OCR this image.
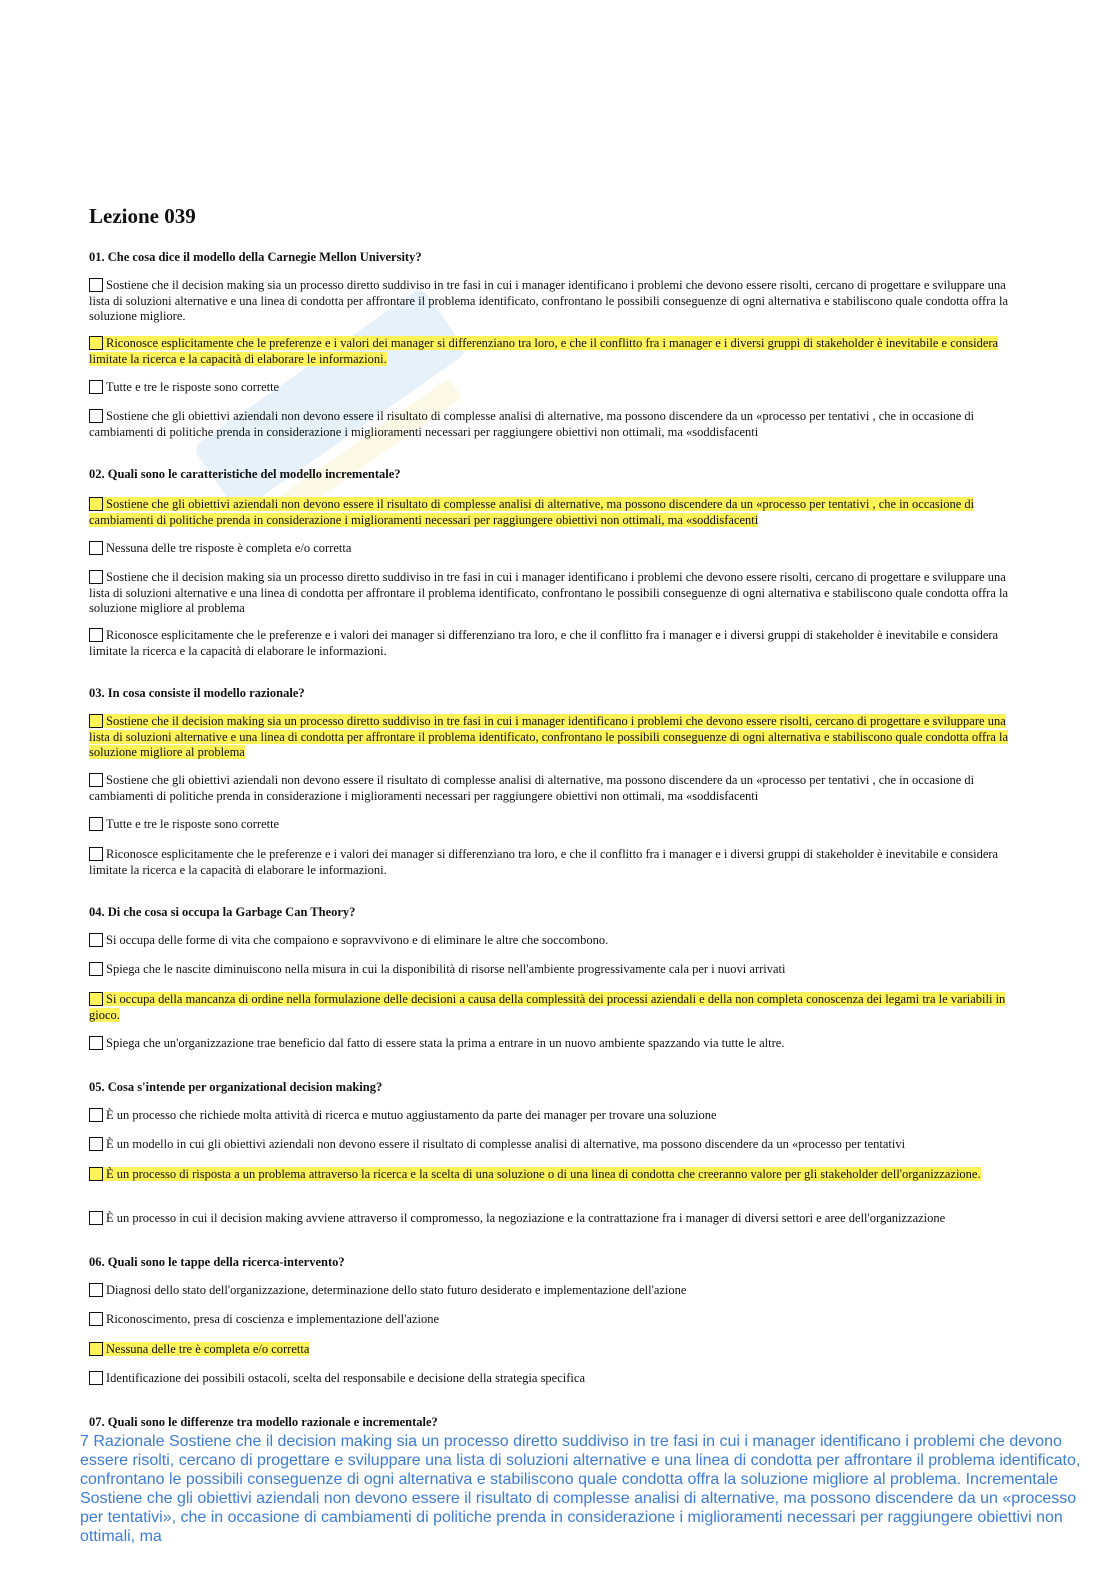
Lezione 039

01. Che cosa dice il modello della Carnegie Mellon University?

Sostiene che il decision making sia un processo diretto suddiviso in tre fasi in cui i manager identificano i problemi che devono essere risolti, cercano di progettare e sviluppare una lista di soluzioni alternative e una linea di condotta per affrontare il problema identificato, confrontano le possibili conseguenze di ogni alternativa e stabiliscono quale condotta offra la soluzione migliore.

Riconosce esplicitamente che le preferenze e i valori dei manager si differenziano tra loro, e che il conflitto fra i manager e i diversi gruppi di stakeholder è inevitabile e considera limitate la ricerca e la capacità di elaborare le informazioni.

Tutte e tre le risposte sono corrette

Sostiene che gli obiettivi aziendali non devono essere il risultato di complesse analisi di alternative, ma possono discendere da un «processo per tentativi , che in occasione di cambiamenti di politiche prenda in considerazione i miglioramenti necessari per raggiungere obiettivi non ottimali, ma «soddisfacenti

02. Quali sono le caratteristiche del modello incrementale?

Sostiene che gli obiettivi aziendali non devono essere il risultato di complesse analisi di alternative, ma possono discendere da un «processo per tentativi , che in occasione di cambiamenti di politiche prenda in considerazione i miglioramenti necessari per raggiungere obiettivi non ottimali, ma «soddisfacenti

Nessuna delle tre risposte è completa e/o corretta

Sostiene che il decision making sia un processo diretto suddiviso in tre fasi in cui i manager identificano i problemi che devono essere risolti, cercano di progettare e sviluppare una lista di soluzioni alternative e una linea di condotta per affrontare il problema identificato, confrontano le possibili conseguenze di ogni alternativa e stabiliscono quale condotta offra la soluzione migliore al problema

Riconosce esplicitamente che le preferenze e i valori dei manager si differenziano tra loro, e che il conflitto fra i manager e i diversi gruppi di stakeholder è inevitabile e considera limitate la ricerca e la capacità di elaborare le informazioni.

03. In cosa consiste il modello razionale?

Sostiene che il decision making sia un processo diretto suddiviso in tre fasi in cui i manager identificano i problemi che devono essere risolti, cercano di progettare e sviluppare una lista di soluzioni alternative e una linea di condotta per affrontare il problema identificato, confrontano le possibili conseguenze di ogni alternativa e stabiliscono quale condotta offra la soluzione migliore al problema

Sostiene che gli obiettivi aziendali non devono essere il risultato di complesse analisi di alternative, ma possono discendere da un «processo per tentativi , che in occasione di cambiamenti di politiche prenda in considerazione i miglioramenti necessari per raggiungere obiettivi non ottimali, ma «soddisfacenti

Tutte e tre le risposte sono corrette

Riconosce esplicitamente che le preferenze e i valori dei manager si differenziano tra loro, e che il conflitto fra i manager e i diversi gruppi di stakeholder è inevitabile e considera limitate la ricerca e la capacità di elaborare le informazioni.

04. Di che cosa si occupa la Garbage Can Theory?

Si occupa delle forme di vita che compaiono e sopravvivono e di eliminare le altre che soccombono.

Spiega che le nascite diminuiscono nella misura in cui la disponibilità di risorse nell'ambiente progressivamente cala per i nuovi arrivati

Si occupa della mancanza di ordine nella formulazione delle decisioni a causa della complessità dei processi aziendali e della non completa conoscenza dei legami tra le variabili in gioco.

Spiega che un'organizzazione trae beneficio dal fatto di essere stata la prima a entrare in un nuovo ambiente spazzando via tutte le altre.

05. Cosa s'intende per organizational decision making?

È un processo che richiede molta attività di ricerca e mutuo aggiustamento da parte dei manager per trovare una soluzione

È un modello in cui gli obiettivi aziendali non devono essere il risultato di complesse analisi di alternative, ma possono discendere da un «processo per tentativi

È un processo di risposta a un problema attraverso la ricerca e la scelta di una soluzione o di una linea di condotta che creeranno valore per gli stakeholder dell'organizzazione.

È un processo in cui il decision making avviene attraverso il compromesso, la negoziazione e la contrattazione fra i manager di diversi settori e aree dell'organizzazione

06. Quali sono le tappe della ricerca-intervento?

Diagnosi dello stato dell'organizzazione, determinazione dello stato futuro desiderato e implementazione dell'azione

Riconoscimento, presa di coscienza e implementazione dell'azione

Nessuna delle tre è completa e/o corretta

Identificazione dei possibili ostacoli, scelta del responsabile e decisione della strategia specifica

07. Quali sono le differenze tra modello razionale e incrementale?

7 Razionale Sostiene che il decision making sia un processo diretto suddiviso in tre fasi in cui i manager identificano i problemi che devono essere risolti, cercano di progettare e sviluppare una lista di soluzioni alternative e una linea di condotta per affrontare il problema identificato, confrontano le possibili conseguenze di ogni alternativa e stabiliscono quale condotta offra la soluzione migliore al problema. Incrementale Sostiene che gli obiettivi aziendali non devono essere il risultato di complesse analisi di alternative, ma possono discendere da un «processo per tentativi», che in occasione di cambiamenti di politiche prenda in considerazione i miglioramenti necessari per raggiungere obiettivi non ottimali, ma
